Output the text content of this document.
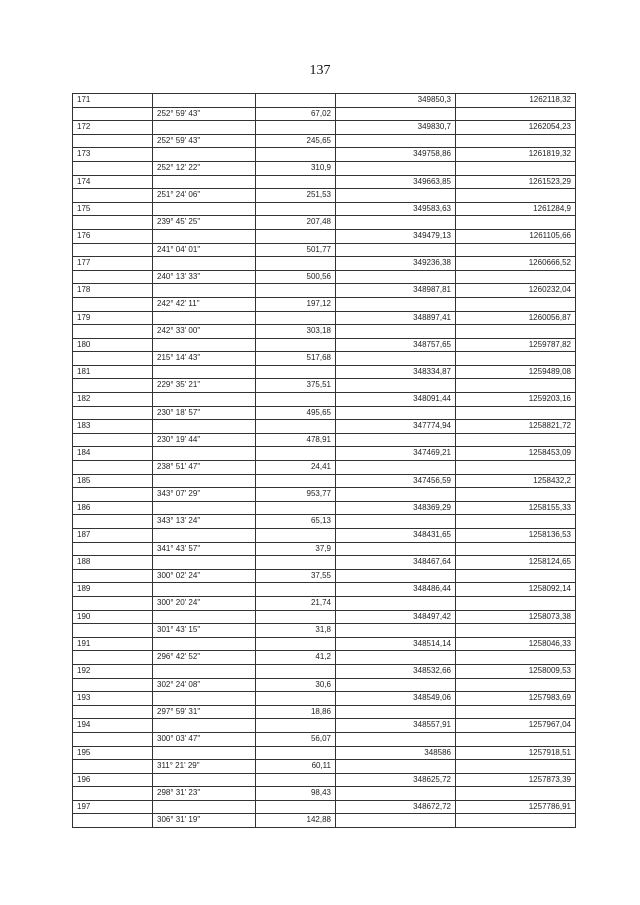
137
171			349850,3	1262118,32
	252° 59' 43"	67,02		
172			349830,7	1262054,23
	252° 59' 43"	245,65		
173			349758,86	1261819,32
	252° 12' 22"	310,9		
174			349663,85	1261523,29
	251° 24' 06"	251,53		
175			349583,63	1261284,9
	239° 45' 25"	207,48		
176			349479,13	1261105,66
	241° 04' 01"	501,77		
177			349236,38	1260666,52
	240° 13' 33"	500,56		
178			348987,81	1260232,04
	242° 42' 11"	197,12		
179			348897,41	1260056,87
	242° 33' 00"	303,18		
180			348757,65	1259787,82
	215° 14' 43"	517,68		
181			348334,87	1259489,08
	229° 35' 21"	375,51		
182			348091,44	1259203,16
	230° 18' 57"	495,65		
183			347774,94	1258821,72
	230° 19' 44"	478,91		
184			347469,21	1258453,09
	238° 51' 47"	24,41		
185			347456,59	1258432,2
	343° 07' 29"	953,77		
186			348369,29	1258155,33
	343° 13' 24"	65,13		
187			348431,65	1258136,53
	341° 43' 57"	37,9		
188			348467,64	1258124,65
	300° 02' 24"	37,55		
189			348486,44	1258092,14
	300° 20' 24"	21,74		
190			348497,42	1258073,38
	301° 43' 15"	31,8		
191			348514,14	1258046,33
	296° 42' 52"	41,2		
192			348532,66	1258009,53
	302° 24' 08"	30,6		
193			348549,06	1257983,69
	297° 59' 31"	18,86		
194			348557,91	1257967,04
	300° 03' 47"	56,07		
195			348586	1257918,51
	311° 21' 29"	60,11		
196			348625,72	1257873,39
	298° 31' 23"	98,43		
197			348672,72	1257786,91
	306° 31' 19"	142,88		
